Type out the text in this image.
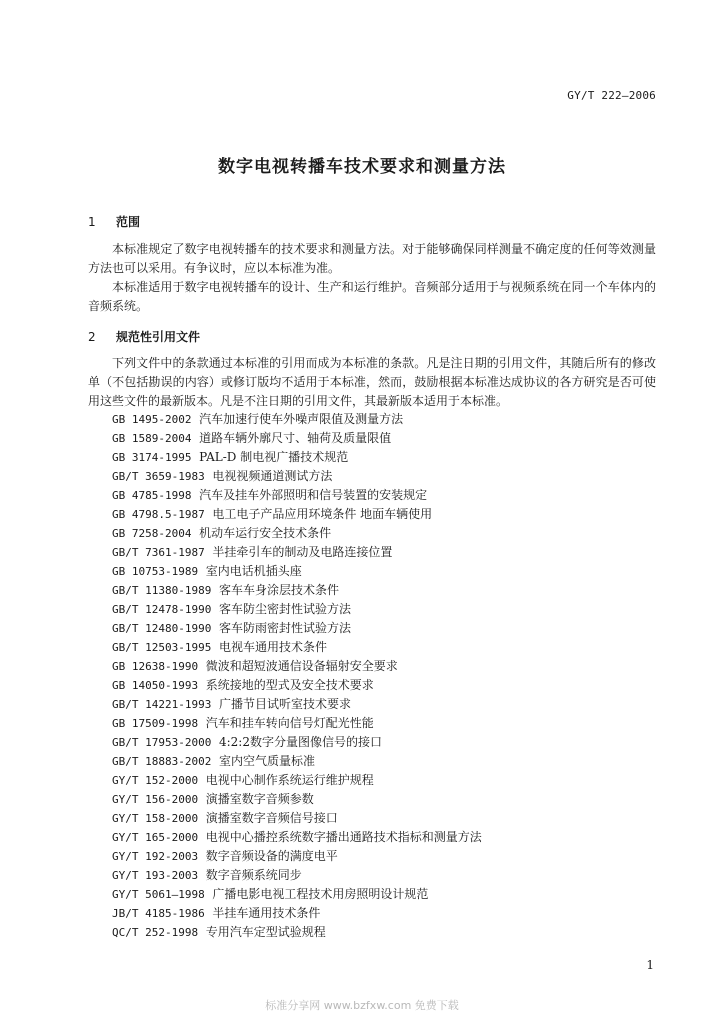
GY/T 222—2006
数字电视转播车技术要求和测量方法
1 范围

本标准规定了数字电视转播车的技术要求和测量方法。对于能够确保同样测量不确定度的任何等效测量方法也可以采用。有争议时，应以本标准为准。

本标准适用于数字电视转播车的设计、生产和运行维护。音频部分适用于与视频系统在同一个车体内的音频系统。

2 规范性引用文件

下列文件中的条款通过本标准的引用而成为本标准的条款。凡是注日期的引用文件，其随后所有的修改单（不包括勘误的内容）或修订版均不适用于本标准，然而，鼓励根据本标准达成协议的各方研究是否可使用这些文件的最新版本。凡是不注日期的引用文件，其最新版本适用于本标准。

GB 1495-2002 汽车加速行使车外噪声限值及测量方法
GB 1589-2004 道路车辆外廓尺寸、轴荷及质量限值
GB 3174-1995 PAL-D 制电视广播技术规范
GB/T 3659-1983 电视视频通道测试方法
GB 4785-1998 汽车及挂车外部照明和信号装置的安装规定
GB 4798.5-1987 电工电子产品应用环境条件 地面车辆使用
GB 7258-2004 机动车运行安全技术条件
GB/T 7361-1987 半挂牵引车的制动及电路连接位置
GB 10753-1989 室内电话机插头座
GB/T 11380-1989 客车车身涂层技术条件
GB/T 12478-1990 客车防尘密封性试验方法
GB/T 12480-1990 客车防雨密封性试验方法
GB/T 12503-1995 电视车通用技术条件
GB 12638-1990 微波和超短波通信设备辐射安全要求
GB 14050-1993 系统接地的型式及安全技术要求
GB/T 14221-1993 广播节目试听室技术要求
GB 17509-1998 汽车和挂车转向信号灯配光性能
GB/T 17953-2000 4:2:2数字分量图像信号的接口
GB/T 18883-2002 室内空气质量标准
GY/T 152-2000 电视中心制作系统运行维护规程
GY/T 156-2000 演播室数字音频参数
GY/T 158-2000 演播室数字音频信号接口
GY/T 165-2000 电视中心播控系统数字播出通路技术指标和测量方法
GY/T 192-2003 数字音频设备的满度电平
GY/T 193-2003 数字音频系统同步
GY/T 5061—1998 广播电影电视工程技术用房照明设计规范
JB/T 4185-1986 半挂车通用技术条件
QC/T 252-1998 专用汽车定型试验规程
1
标准分享网 www.bzfxw.com 免费下载
